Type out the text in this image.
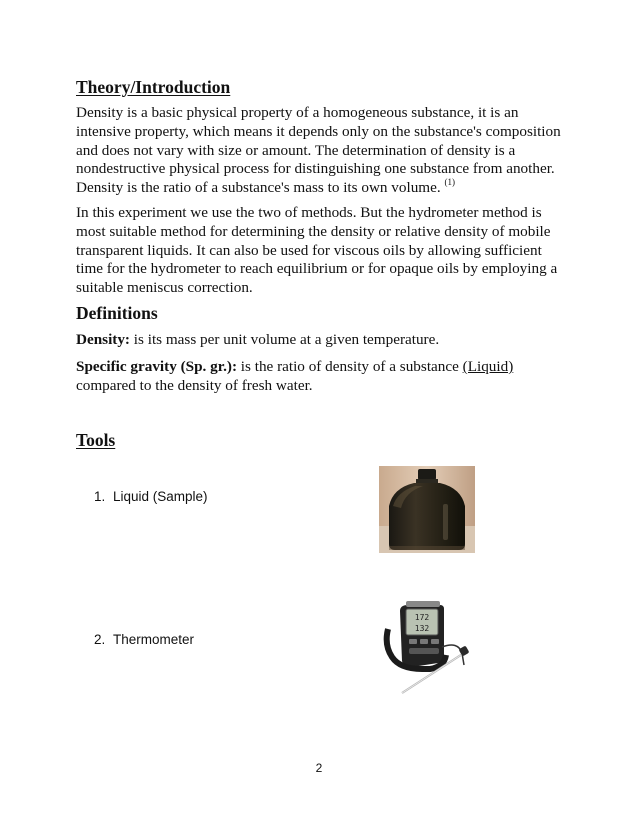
Theory/Introduction

Density is a basic physical property of a homogeneous substance, it is an intensive property, which means it depends only on the substance's composition and does not vary with size or amount. The determination of density is a nondestructive physical process for distinguishing one substance from another. Density is the ratio of a substance's mass to its own volume. $^{(1)}$

In this experiment we use the two of methods. But the hydrometer method is most suitable method for determining the density or relative density of mobile transparent liquids. It can also be used for viscous oils by allowing sufficient time for the hydrometer to reach equilibrium or for opaque oils by employing a suitable meniscus correction.

Definitions

Density: is its mass per unit volume at a given temperature.

Specific gravity (Sp. gr.): is the ratio of density of a substance (Liquid) compared to the density of fresh water.

Tools
1. Liquid (Sample)
2. Thermometer
172
132
2
